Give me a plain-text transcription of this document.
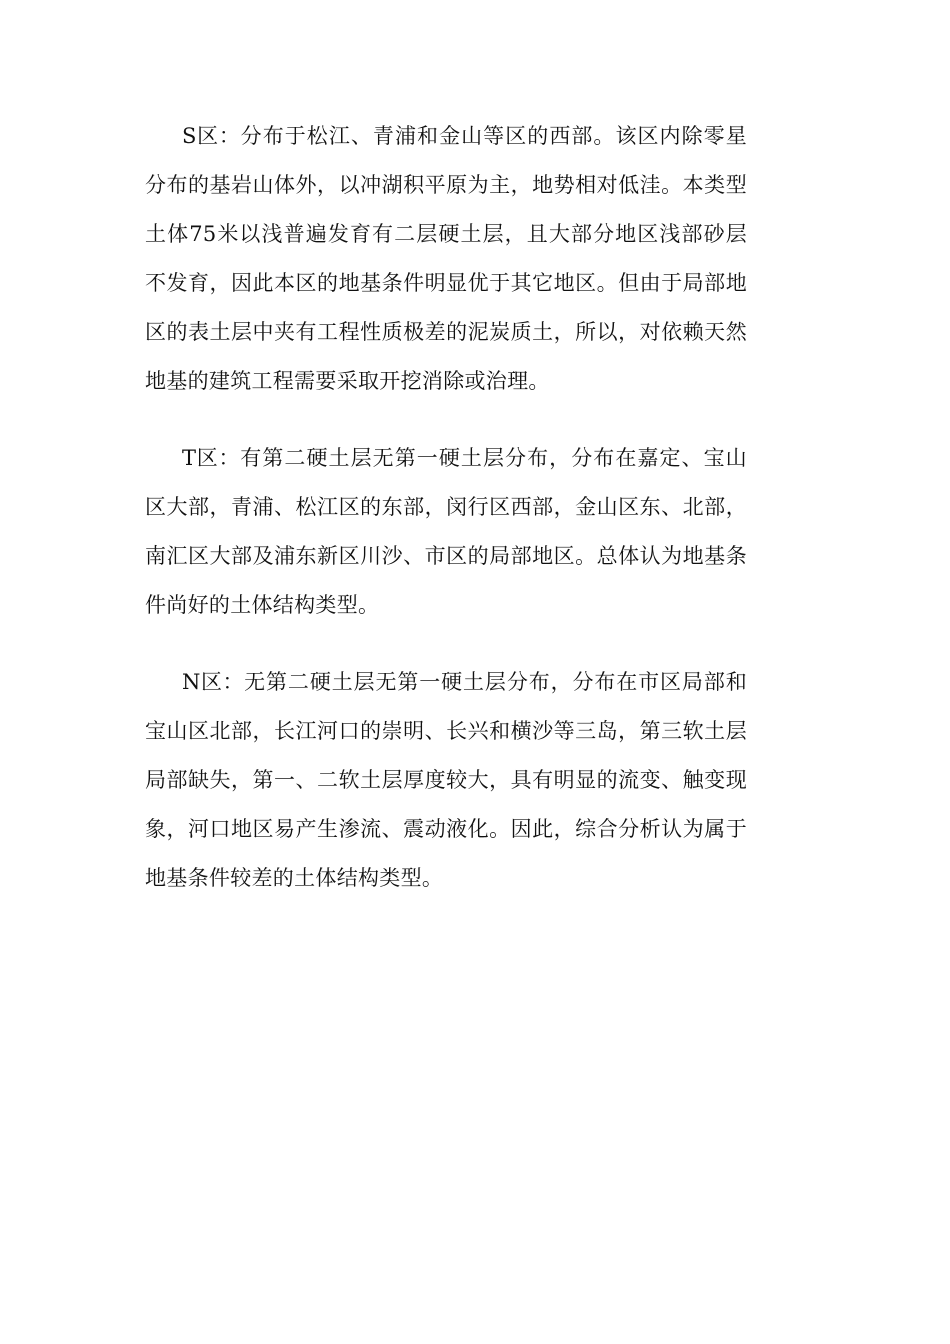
S区：分布于松江、青浦和金山等区的西部。该区内除零星分布的基岩山体外，以冲湖积平原为主，地势相对低洼。本类型土体75米以浅普遍发育有二层硬土层，且大部分地区浅部砂层不发育，因此本区的地基条件明显优于其它地区。但由于局部地区的表土层中夹有工程性质极差的泥炭质土，所以，对依赖天然地基的建筑工程需要采取开挖消除或治理。

T区：有第二硬土层无第一硬土层分布，分布在嘉定、宝山区大部，青浦、松江区的东部，闵行区西部，金山区东、北部，南汇区大部及浦东新区川沙、市区的局部地区。总体认为地基条件尚好的土体结构类型。

N区：无第二硬土层无第一硬土层分布，分布在市区局部和宝山区北部，长江河口的崇明、长兴和横沙等三岛，第三软土层局部缺失，第一、二软土层厚度较大，具有明显的流变、触变现象，河口地区易产生渗流、震动液化。因此，综合分析认为属于地基条件较差的土体结构类型。
